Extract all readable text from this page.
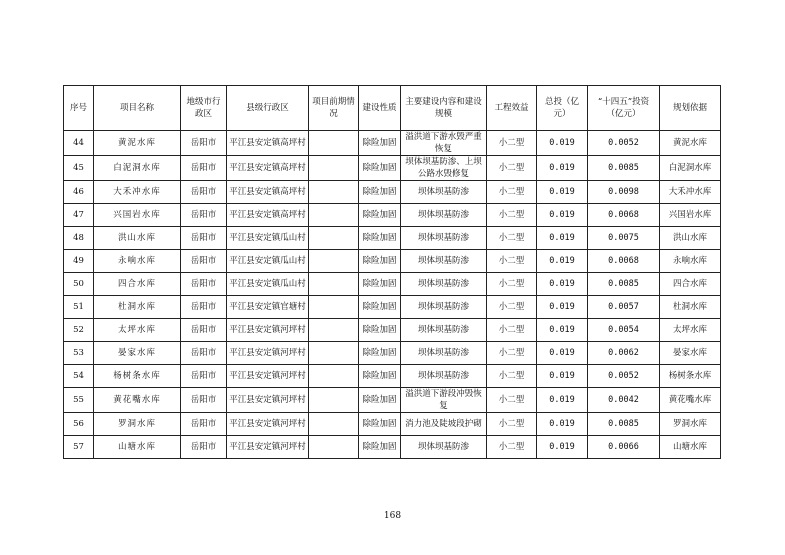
序号	项目名称	地级市行政区	县级行政区	项目前期情况	建设性质	主要建设内容和建设规模	工程效益	总投（亿元）	“十四五”投资（亿元）	规划依据
44	黄泥水库	岳阳市	平江县安定镇高坪村		除险加固	溢洪道下游水毁严重恢复	小二型	0.019	0.0052	黄泥水库
45	白泥洞水库	岳阳市	平江县安定镇高坪村		除险加固	坝体坝基防渗、上坝公路水毁修复	小二型	0.019	0.0085	白泥洞水库
46	大禾冲水库	岳阳市	平江县安定镇高坪村		除险加固	坝体坝基防渗	小二型	0.019	0.0098	大禾冲水库
47	兴国岩水库	岳阳市	平江县安定镇高坪村		除险加固	坝体坝基防渗	小二型	0.019	0.0068	兴国岩水库
48	洪山水库	岳阳市	平江县安定镇瓜山村		除险加固	坝体坝基防渗	小二型	0.019	0.0075	洪山水库
49	永响水库	岳阳市	平江县安定镇瓜山村		除险加固	坝体坝基防渗	小二型	0.019	0.0068	永响水库
50	四合水库	岳阳市	平江县安定镇瓜山村		除险加固	坝体坝基防渗	小二型	0.019	0.0085	四合水库
51	杜洞水库	岳阳市	平江县安定镇官塘村		除险加固	坝体坝基防渗	小二型	0.019	0.0057	杜洞水库
52	太坪水库	岳阳市	平江县安定镇河坪村		除险加固	坝体坝基防渗	小二型	0.019	0.0054	太坪水库
53	晏家水库	岳阳市	平江县安定镇河坪村		除险加固	坝体坝基防渗	小二型	0.019	0.0062	晏家水库
54	杨树条水库	岳阳市	平江县安定镇河坪村		除险加固	坝体坝基防渗	小二型	0.019	0.0052	杨树条水库
55	黄花嘴水库	岳阳市	平江县安定镇河坪村		除险加固	溢洪道下游段冲毁恢复	小二型	0.019	0.0042	黄花嘴水库
56	罗洞水库	岳阳市	平江县安定镇河坪村		除险加固	消力池及陡坡段护砌	小二型	0.019	0.0085	罗洞水库
57	山塘水库	岳阳市	平江县安定镇河坪村		除险加固	坝体坝基防渗	小二型	0.019	0.0066	山塘水库
168
